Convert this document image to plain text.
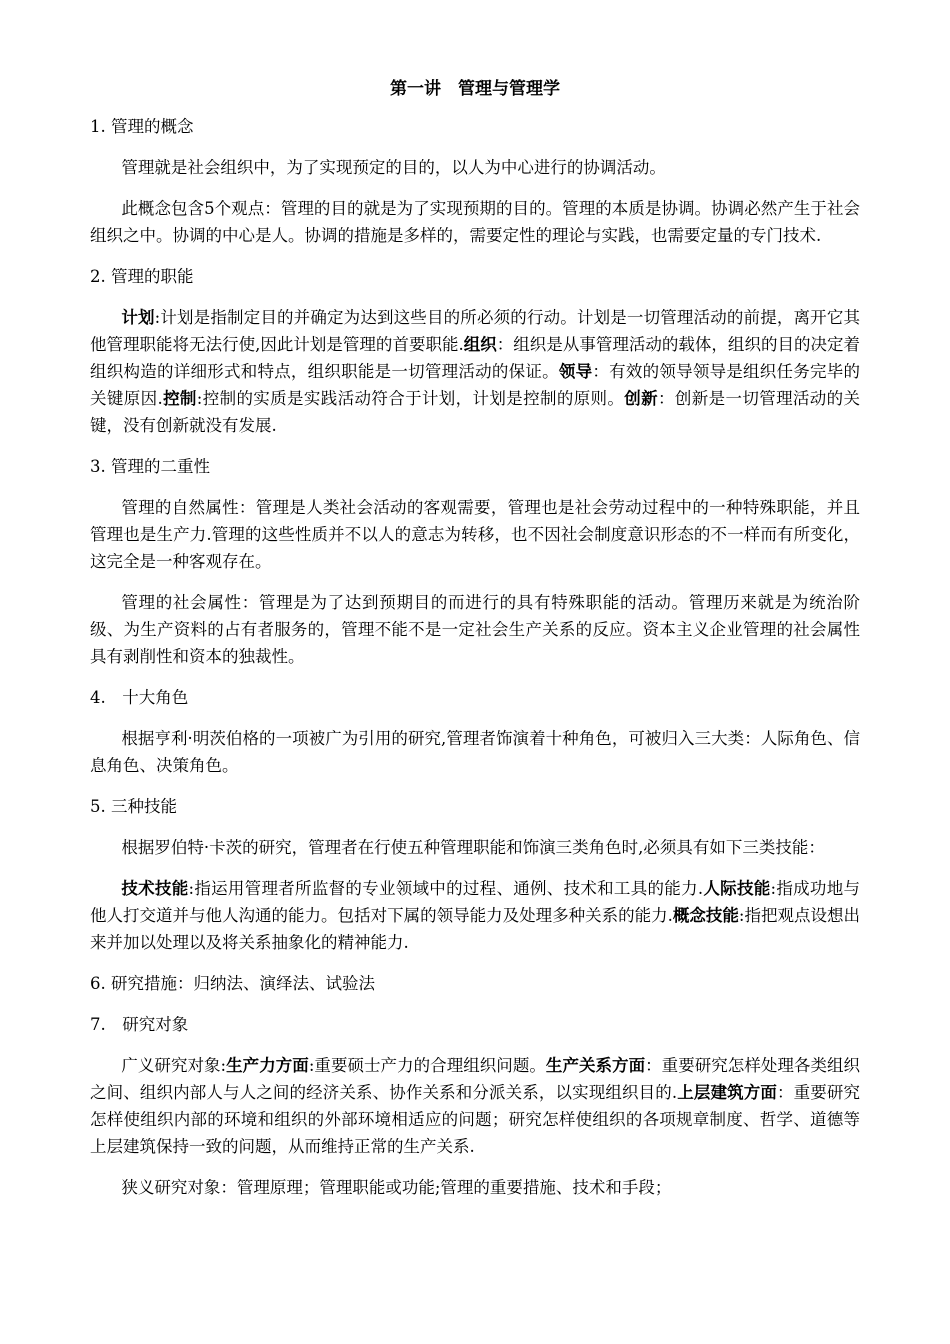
第一讲　管理与管理学
1. 管理的概念
管理就是社会组织中，为了实现预定的目的，以人为中心进行的协调活动。
此概念包含5个观点：管理的目的就是为了实现预期的目的。管理的本质是协调。协调必然产生于社会组织之中。协调的中心是人。协调的措施是多样的，需要定性的理论与实践，也需要定量的专门技术.
2. 管理的职能
计划:计划是指制定目的并确定为达到这些目的所必须的行动。计划是一切管理活动的前提，离开它其他管理职能将无法行使,因此计划是管理的首要职能.组织：组织是从事管理活动的载体，组织的目的决定着组织构造的详细形式和特点，组织职能是一切管理活动的保证。领导：有效的领导领导是组织任务完毕的关键原因.控制:控制的实质是实践活动符合于计划，计划是控制的原则。创新：创新是一切管理活动的关键，没有创新就没有发展.
3. 管理的二重性
管理的自然属性：管理是人类社会活动的客观需要，管理也是社会劳动过程中的一种特殊职能，并且管理也是生产力.管理的这些性质并不以人的意志为转移，也不因社会制度意识形态的不一样而有所变化，这完全是一种客观存在。
管理的社会属性：管理是为了达到预期目的而进行的具有特殊职能的活动。管理历来就是为统治阶级、为生产资料的占有者服务的，管理不能不是一定社会生产关系的反应。资本主义企业管理的社会属性具有剥削性和资本的独裁性。
4.　十大角色
根据亨利·明茨伯格的一项被广为引用的研究,管理者饰演着十种角色，可被归入三大类：人际角色、信息角色、决策角色。
5. 三种技能
根据罗伯特·卡茨的研究，管理者在行使五种管理职能和饰演三类角色时,必须具有如下三类技能：
技术技能:指运用管理者所监督的专业领域中的过程、通例、技术和工具的能力.人际技能:指成功地与他人打交道并与他人沟通的能力。包括对下属的领导能力及处理多种关系的能力.概念技能:指把观点设想出来并加以处理以及将关系抽象化的精神能力.
6. 研究措施：归纳法、演绎法、试验法
7.　研究对象
广义研究对象:生产力方面:重要硕士产力的合理组织问题。生产关系方面：重要研究怎样处理各类组织之间、组织内部人与人之间的经济关系、协作关系和分派关系，以实现组织目的.上层建筑方面：重要研究怎样使组织内部的环境和组织的外部环境相适应的问题；研究怎样使组织的各项规章制度、哲学、道德等上层建筑保持一致的问题，从而维持正常的生产关系.
狭义研究对象：管理原理；管理职能或功能;管理的重要措施、技术和手段；
